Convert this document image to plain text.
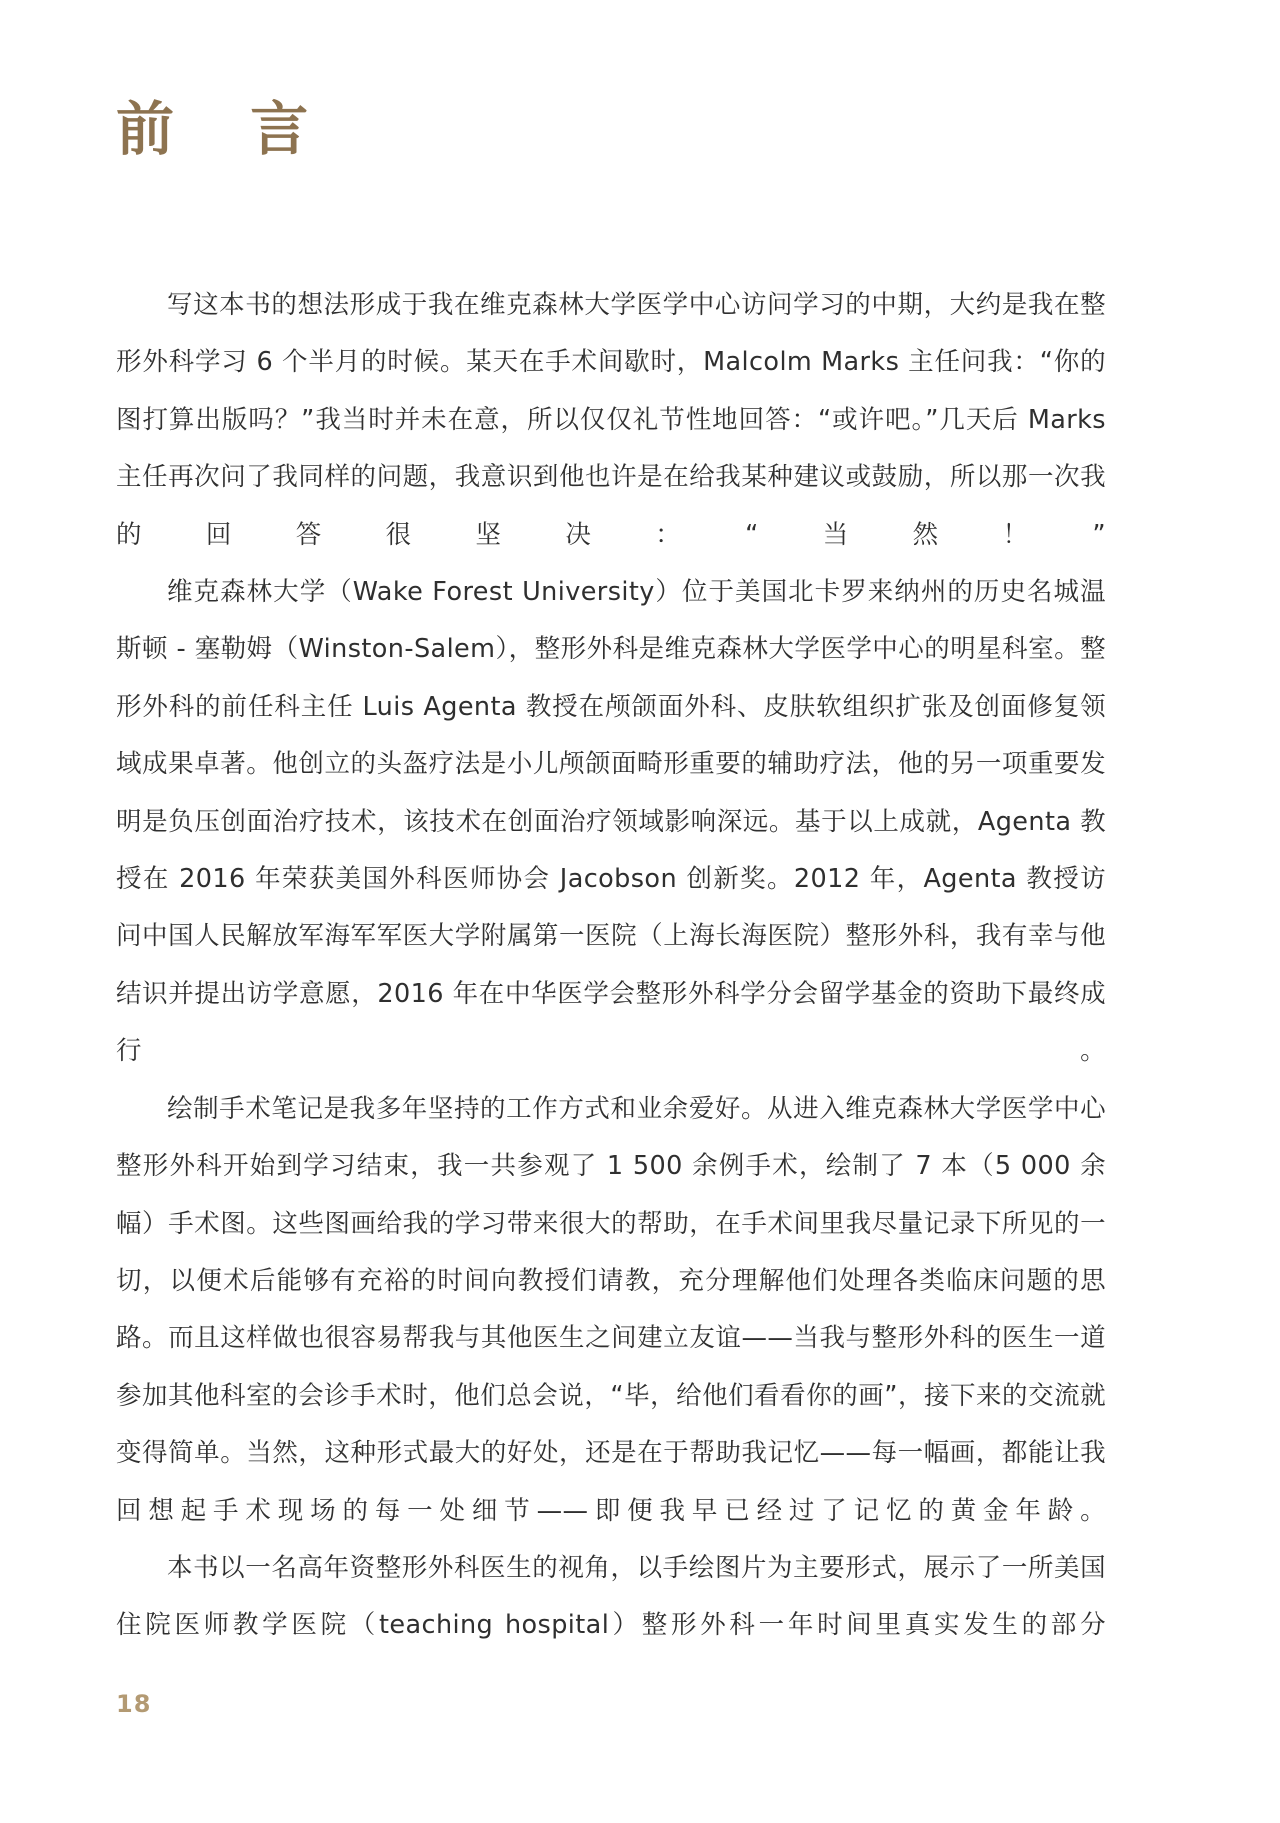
前 言

写这本书的想法形成于我在维克森林大学医学中心访问学习的中期，大约是我在整形外科学习 6 个半月的时候。某天在手术间歇时，Malcolm Marks 主任问我：“你的图打算出版吗？”我当时并未在意，所以仅仅礼节性地回答：“或许吧。”几天后 Marks 主任再次问了我同样的问题，我意识到他也许是在给我某种建议或鼓励，所以那一次我的回答很坚决：“当然！”

维克森林大学（Wake Forest University）位于美国北卡罗来纳州的历史名城温斯顿 - 塞勒姆（Winston-Salem），整形外科是维克森林大学医学中心的明星科室。整形外科的前任科主任 Luis Agenta 教授在颅颌面外科、皮肤软组织扩张及创面修复领域成果卓著。他创立的头盔疗法是小儿颅颌面畸形重要的辅助疗法，他的另一项重要发明是负压创面治疗技术，该技术在创面治疗领域影响深远。基于以上成就，Agenta 教授在 2016 年荣获美国外科医师协会 Jacobson 创新奖。2012 年，Agenta 教授访问中国人民解放军海军军医大学附属第一医院（上海长海医院）整形外科，我有幸与他结识并提出访学意愿，2016 年在中华医学会整形外科学分会留学基金的资助下最终成行。

绘制手术笔记是我多年坚持的工作方式和业余爱好。从进入维克森林大学医学中心整形外科开始到学习结束，我一共参观了 1 500 余例手术，绘制了 7 本（5 000 余幅）手术图。这些图画给我的学习带来很大的帮助，在手术间里我尽量记录下所见的一切，以便术后能够有充裕的时间向教授们请教，充分理解他们处理各类临床问题的思路。而且这样做也很容易帮我与其他医生之间建立友谊——当我与整形外科的医生一道参加其他科室的会诊手术时，他们总会说，“毕，给他们看看你的画”，接下来的交流就变得简单。当然，这种形式最大的好处，还是在于帮助我记忆——每一幅画，都能让我回想起手术现场的每一处细节——即便我早已经过了记忆的黄金年龄。

本书以一名高年资整形外科医生的视角，以手绘图片为主要形式，展示了一所美国住院医师教学医院（teaching hospital）整形外科一年时间里真实发生的部分

18
